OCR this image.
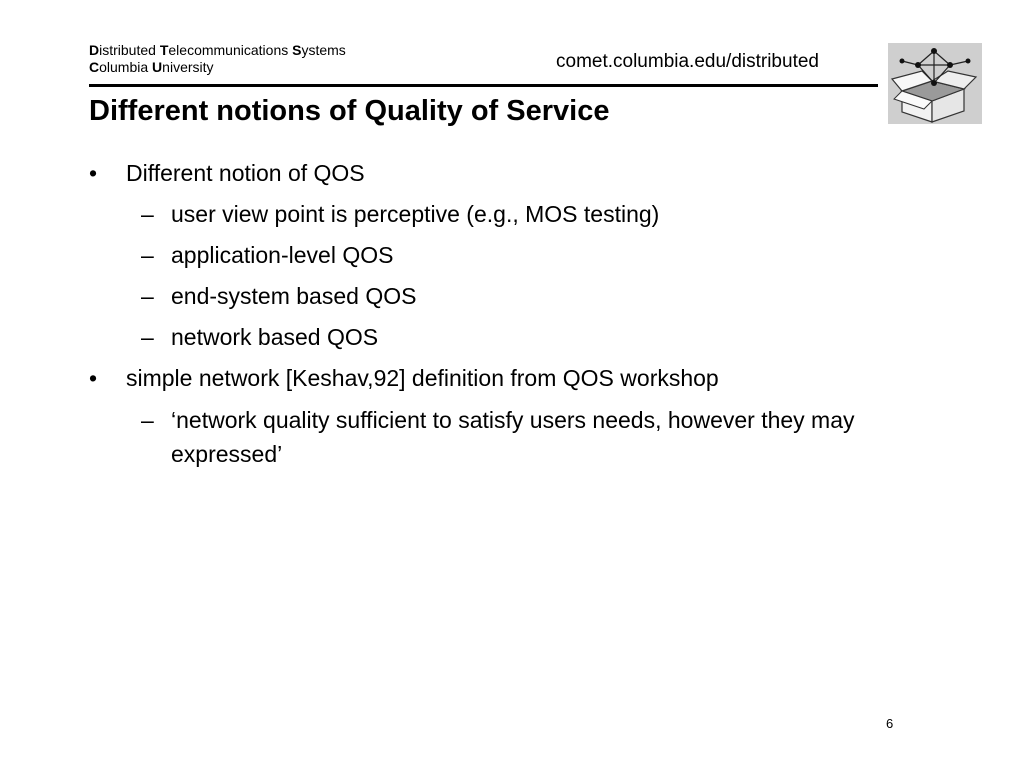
Distributed Telecommunications Systems
Columbia University	comet.columbia.edu/distributed
Different notions of Quality of Service
• Different notion of QOS
– user view point is perceptive (e.g., MOS testing)
– application-level QOS
– end-system based QOS
– network based QOS
• simple network [Keshav,92] definition from QOS workshop
– ‘network quality sufficient to satisfy users needs, however they may expressed’
6
